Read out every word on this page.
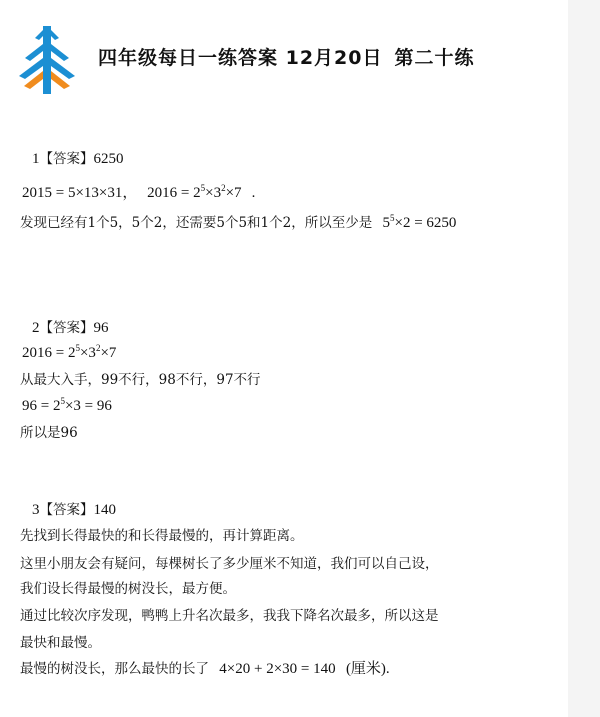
四年级每日一练答案 12月20日 第二十练
1【答案】6250
2015 = 5×13×31， $2016 = 2^5\times 3^2\times 7$ .
发现已经有1个5，5个2，还需要5个5和1个2，所以至少是 $5^5\times 2 = 6250$
2【答案】96
$2016 = 2^5\times 3^2\times 7$
从最大入手，99不行，98不行，97不行
$96 = 2^5\times 3 = 96$
所以是96
3【答案】140
先找到长得最快的和长得最慢的，再计算距离。
这里小朋友会有疑问，每棵树长了多少厘米不知道，我们可以自己设，
我们设长得最慢的树没长，最方便。
通过比较次序发现，鸭鸭上升名次最多，我我下降名次最多，所以这是
最快和最慢。
最慢的树没长，那么最快的长了 4×20 + 2×30 = 140 (厘米).
